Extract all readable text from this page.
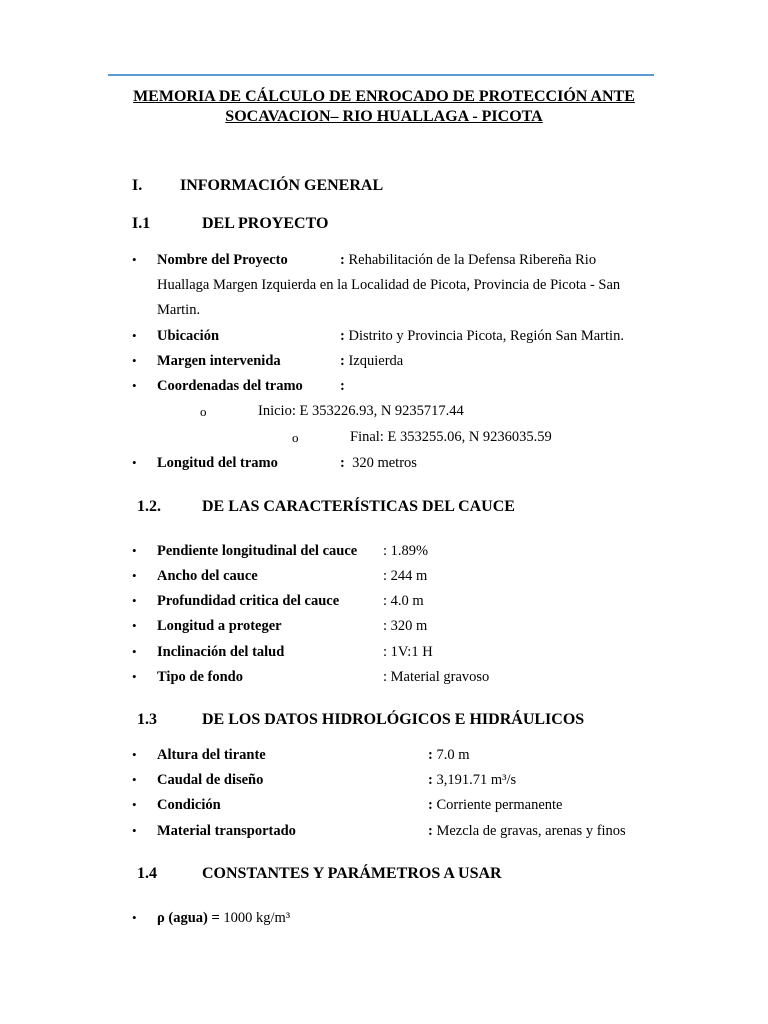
MEMORIA DE CÁLCULO DE ENROCADO DE PROTECCIÓN ANTE
SOCAVACION– RIO HUALLAGA - PICOTA
I. INFORMACIÓN GENERAL
I.1	DEL PROYECTO
• Nombre del Proyecto	: Rehabilitación de la Defensa Ribereña Rio
Huallaga Margen Izquierda en la Localidad de Picota, Provincia de Picota - San
Martin.
• Ubicación	: Distrito y Provincia Picota, Región San Martin.
• Margen intervenida	: Izquierda
• Coordenadas del tramo	:
o	Inicio: E 353226.93, N 9235717.44
o	Final: E 353255.06, N 9236035.59
• Longitud del tramo	: 320 metros
1.2.	DE LAS CARACTERÍSTICAS DEL CAUCE
• Pendiente longitudinal del cauce : 1.89%
• Ancho del cauce	: 244 m
• Profundidad critica del cauce	: 4.0 m
• Longitud a proteger	: 320 m
• Inclinación del talud	: 1V:1 H
• Tipo de fondo	: Material gravoso
1.3	DE LOS DATOS HIDROLÓGICOS E HIDRÁULICOS
• Altura del tirante	: 7.0 m
• Caudal de diseño	: 3,191.71 m³/s
• Condición	: Corriente permanente
• Material transportado	: Mezcla de gravas, arenas y finos
1.4	CONSTANTES Y PARÁMETROS A USAR
• ρ (agua) = 1000 kg/m³
